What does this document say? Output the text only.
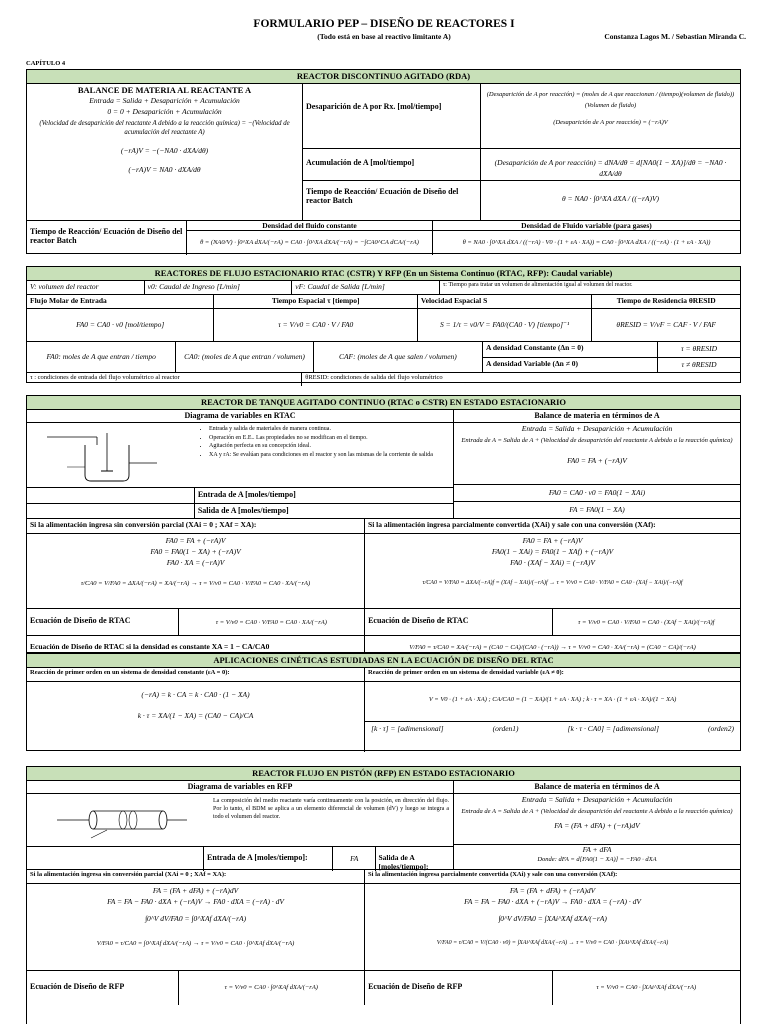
FORMULARIO PEP – DISEÑO DE REACTORES I
(Todo está en base al reactivo limitante A)	Constanza Lagos M. / Sebastian Miranda C.
CAPÍTULO 4
REACTOR DISCONTINUO AGITADO (RDA)
BALANCE DE MATERIA AL REACTANTE A
Entrada = Salida + Desaparición + Acumulación
0 = 0 + Desaparición + Acumulación
(Velocidad de desaparición del reactante A debido a la reacción química) = −(Velocidad de acumulación del reactante A)
(−rA)V = −(−NA0 · dXA/dθ)
(−rA)V = NA0 · dXA/dθ
Desaparición de A por Rx. [mol/tiempo]
(Desaparición de A por reacción) = (moles de A que reaccionan / (tiempo)(volumen de fluido)) (Volumen de fluido)
(Desaparición de A por reacción) = (−rA)V
Acumulación de A [mol/tiempo]	(Desaparición de A por reacción) = dNA/dθ = d[NA0(1 − XA)]/dθ = −NA0 · dXA/dθ
Tiempo de Reacción/ Ecuación de Diseño del reactor Batch	θ = NA0 · ∫0^XA dXA / ((−rA)V)
Tiempo de Reacción/ Ecuación de Diseño del reactor Batch
Densidad del fluido constante
θ = (NA0/V) · ∫0^XA dXA/(−rA) = CA0 · ∫0^XA dXA/(−rA) = −∫CA0^CA dCA/(−rA)
Densidad de Fluido variable (para gases)
θ = NA0 · ∫0^XA dXA / ((−rA) · V0 · (1 + εA · XA)) = CA0 · ∫0^XA dXA / ((−rA) · (1 + εA · XA))
REACTORES DE FLUJO ESTACIONARIO RTAC (CSTR) Y RFP (En un Sistema Continuo (RTAC, RFP): Caudal variable)
V: volumen del reactor	v0: Caudal de Ingreso [L/min]	vF: Caudal de Salida [L/min]	τ: Tiempo para tratar un volumen de alimentación igual al volumen del reactor.
Flujo Molar de Entrada	Tiempo Espacial τ [tiempo]	Velocidad Espacial S	Tiempo de Residencia θRESID
FA0 = CA0 · v0 [mol/tiempo]	τ = V/v0 = CA0 · V / FA0	S = 1/τ = v0/V = FA0/(CA0 · V) [tiempo]⁻¹	θRESID = V/vF = CAF · V / FAF
FA0: moles de A que entran / tiempo	CA0: (moles de A que entran / volumen)	CAF: (moles de A que salen / volumen)
A densidad Constante (Δn = 0)	τ = θRESID
A densidad Variable (Δn ≠ 0)	τ ≠ θRESID
τ : condiciones de entrada del flujo volumétrico al reactor	θRESID: condiciones de salida del flujo volumétrico
REACTOR DE TANQUE AGITADO CONTINUO (RTAC o CSTR) EN ESTADO ESTACIONARIO
Diagrama de variables en RTAC
• Entrada y salida de materiales de manera continua.
• Operación en E.E.. Las propiedades no se modifican en el tiempo.
• Agitación perfecta en su concepción ideal.
• XA y rA: Se evalúan para condiciones en el reactor y son las mismas de la corriente de salida
Entrada de A [moles/tiempo]
Salida de A [moles/tiempo]
Balance de materia en términos de A
Entrada = Salida + Desaparición + Acumulación
Entrada de A = Salida de A + (Velocidad de desaparición del reactante A debido a la reacción química)
FA0 = FA + (−rA)V
FA0 = CA0 · v0 = FA0(1 − XAi)
FA = FA0(1 − XA)
Si la alimentación ingresa sin conversión parcial (XAi = 0 ; XAf = XA):	Si la alimentación ingresa parcialmente convertida (XAi) y sale con una conversión (XAf):
FA0 = FA + (−rA)V
FA0 = FA0(1 − XA) + (−rA)V
FA0 · XA = (−rA)V
τ/CA0 = V/FA0 = ΔXA/(−rA) = XA/(−rA) → τ = V/v0 = CA0 · V/FA0 = CA0 · XA/(−rA)
FA0 = FA + (−rA)V
FA0(1 − XAi) = FA0(1 − XAf) + (−rA)V
FA0 · (XAf − XAi) = (−rA)V
τ/CA0 = V/FA0 = ΔXA/(−rA)f = (XAf − XAi)/(−rA)f → τ = V/v0 = CA0 · V/FA0 = CA0 · (XAf − XAi)/(−rA)f
Ecuación de Diseño de RTAC	τ = V/v0 = CA0 · V/FA0 = CA0 · XA/(−rA)	Ecuación de Diseño de RTAC	τ = V/v0 = CA0 · V/FA0 = CA0 · (XAf − XAi)/(−rA)f
Ecuación de Diseño de RTAC si la densidad es constante XA = 1 − CA/CA0	V/FA0 = τ/CA0 = XA/(−rA) = (CA0 − CA)/(CA0 · (−rA)) → τ = V/v0 = CA0 · XA/(−rA) = (CA0 − CA)/(−rA)
APLICACIONES CINÉTICAS ESTUDIADAS EN LA ECUACIÓN DE DISEÑO DEL RTAC
Reacción de primer orden en un sistema de densidad constante (εA = 0):	Reacción de primer orden en un sistema de densidad variable (εA ≠ 0):
(−rA) = k · CA = k · CA0 · (1 − XA)
k · τ = XA/(1 − XA) = (CA0 − CA)/CA
V = V0 · (1 + εA · XA) ; CA/CA0 = (1 − XA)/(1 + εA · XA) ; k · τ = XA · (1 + εA · XA)/(1 − XA)
[k · τ] = [adimensional]	(orden1)	[k · τ · CA0] = [adimensional]	(orden2)
REACTOR FLUJO EN PISTÓN (RFP) EN ESTADO ESTACIONARIO
Diagrama de variables en RFP
La composición del medio reactante varía continuamente con la posición, en dirección del flujo. Por lo tanto, el BDM se aplica a un elemento diferencial de volumen (dV) y luego se integra a todo el volumen del reactor.
Entrada de A [moles/tiempo]:	FA	Salida de A [moles/tiempo]:
Balance de materia en términos de A
Entrada = Salida + Desaparición + Acumulación
Entrada de A = Salida de A + (Velocidad de desaparición del reactante A debido a la reacción química)
FA = (FA + dFA) + (−rA)dV
FA + dFA
Donde: dFA = d[FA0(1 − XA)] = −FA0 · dXA
Si la alimentación ingresa sin conversión parcial (XAi = 0 ; XAf = XA):	Si la alimentación ingresa parcialmente convertida (XAi) y sale con una conversión (XAf):
FA = (FA + dFA) + (−rA)dV
FA = FA − FA0 · dXA + (−rA)V → FA0 · dXA = (−rA) · dV
∫0^V dV/FA0 = ∫0^XAf dXA/(−rA)
V/FA0 = τ/CA0 = ∫0^XAf dXA/(−rA) → τ = V/v0 = CA0 · ∫0^XAf dXA/(−rA)
FA = (FA + dFA) + (−rA)dV
FA = FA − FA0 · dXA + (−rA)V → FA0 · dXA = (−rA) · dV
∫0^V dV/FA0 = ∫XAi^XAf dXA/(−rA)
V/FA0 = τ/CA0 = V/(CA0 · v0) = ∫XAi^XAf dXA/(−rA) → τ = V/v0 = CA0 · ∫XAi^XAf dXA/(−rA)
Ecuación de Diseño de RFP	τ = V/v0 = CA0 · ∫0^XAf dXA/(−rA)	Ecuación de Diseño de RFP	τ = V/v0 = CA0 · ∫XAi^XAf dXA/(−rA)
